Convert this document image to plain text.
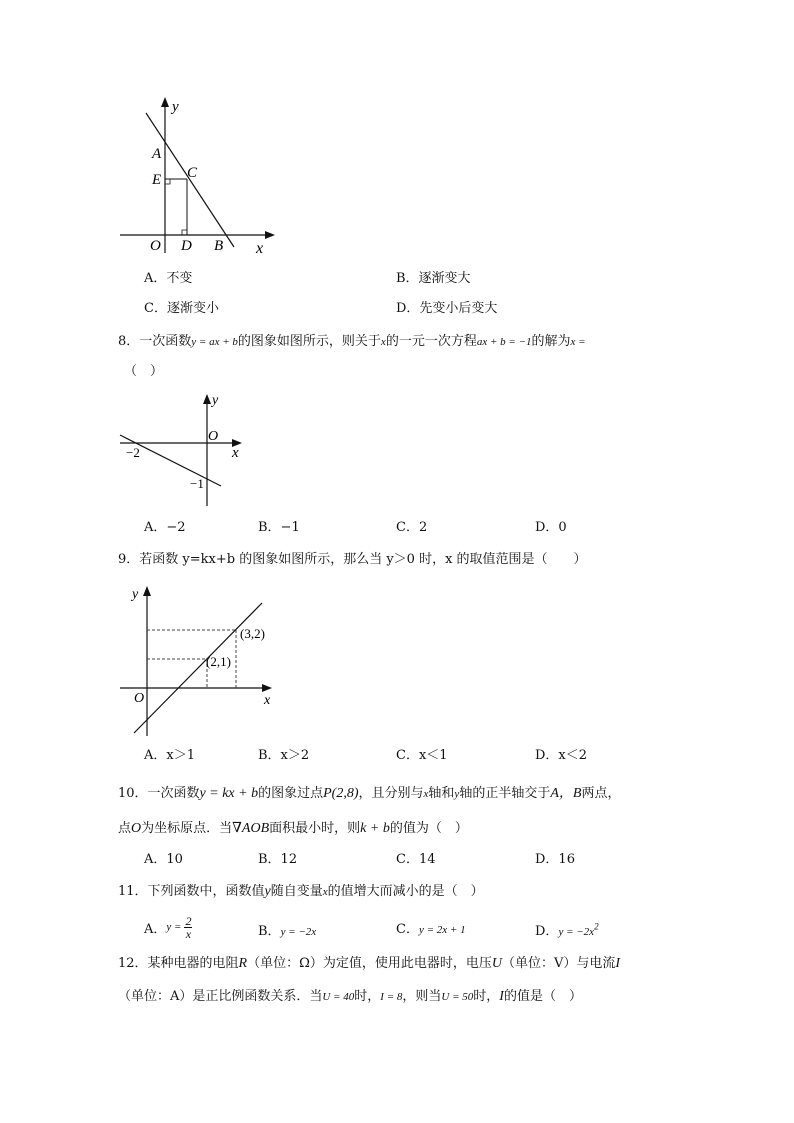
y
A
E C
O D B x
A．不变	B．逐渐变大
C．逐渐变小	D．先变小后变大
8．一次函数y = ax + b的图象如图所示，则关于x的一元一次方程ax + b = −1的解为x =
（　）
y
O
x
−2
−1
A．−2	B．−1	C．2	D．0
9．若函数 y=kx+b 的图象如图所示，那么当 y＞0 时，x 的取值范围是（　　）
y
x
O
(3,2)
(2,1)
A．x＞1	B．x＞2	C．x＜1	D．x＜2
10．一次函数y = kx + b的图象过点P(2,8)，且分别与x轴和y轴的正半轴交于A，B两点，
点O为坐标原点．当∇AOB面积最小时，则k + b的值为（　）
A．10	B．12	C．14	D．16
11．下列函数中，函数值y随自变量x的值增大而减小的是（　）
A． $y = \frac{2}{x}$	B．y = −2x	C．y = 2x + 1	D．$y = -2x^2$
12．某种电器的电阻R（单位：Ω）为定值，使用此电器时，电压U（单位：V）与电流I
（单位：A）是正比例函数关系．当U = 40时，I = 8，则当U = 50时，I的值是（　）
